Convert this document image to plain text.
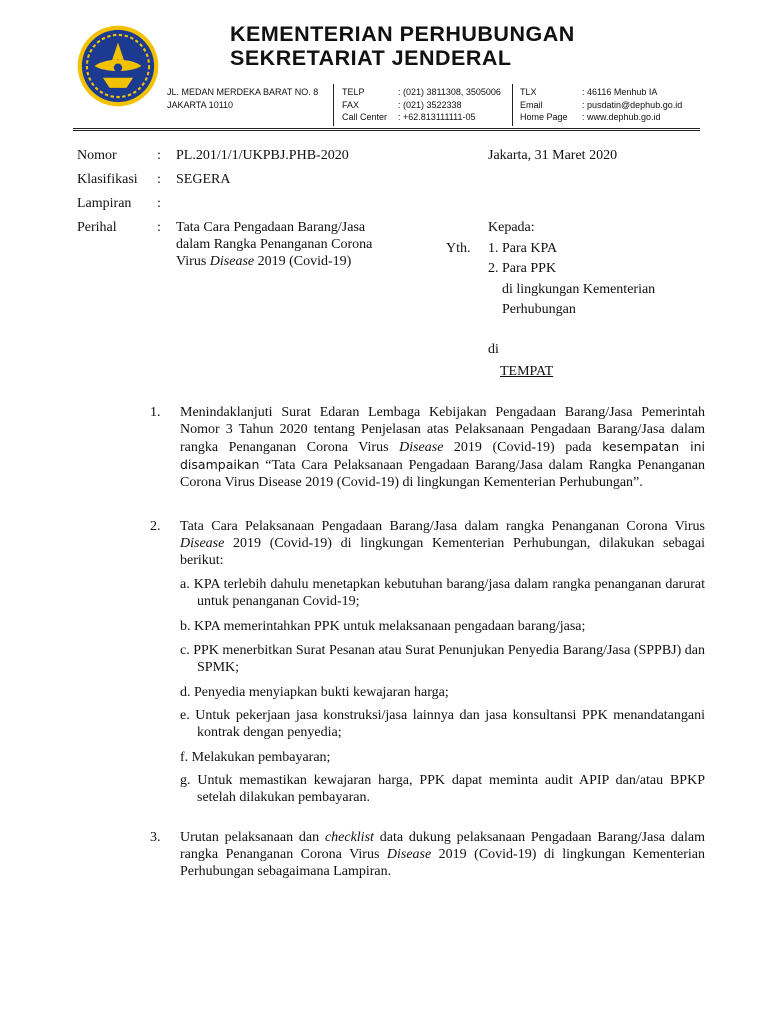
KEMENTERIAN PERHUBUNGAN
SEKRETARIAT JENDERAL
JL. MEDAN MERDEKA BARAT NO. 8
JAKARTA 10110
TELP	: (021) 3811308, 3505006
FAX	: (021) 3522338
Call Center	: +62.813111111-05
TLX	: 46116 Menhub IA
Email	: pusdatin@dephub.go.id
Home Page	: www.dephub.go.id
Nomor	: PL.201/1/1/UKPBJ.PHB-2020
Klasifikasi : SEGERA
Lampiran :
Perihal	: Tata Cara Pengadaan Barang/Jasa
dalam Rangka Penanganan Corona
Virus Disease 2019 (Covid-19)
Jakarta, 31 Maret 2020
Kepada:
Yth. 1. Para KPA
2. Para PPK
di lingkungan Kementerian
Perhubungan
di
TEMPAT
1. Menindaklanjuti Surat Edaran Lembaga Kebijakan Pengadaan Barang/Jasa Pemerintah Nomor 3 Tahun 2020 tentang Penjelasan atas Pelaksanaan Pengadaan Barang/Jasa dalam rangka Penanganan Corona Virus Disease 2019 (Covid-19) pada kesempatan ini disampaikan “Tata Cara Pelaksanaan Pengadaan Barang/Jasa dalam Rangka Penanganan Corona Virus Disease 2019 (Covid-19) di lingkungan Kementerian Perhubungan”.
2. Tata Cara Pelaksanaan Pengadaan Barang/Jasa dalam rangka Penanganan Corona Virus Disease 2019 (Covid-19) di lingkungan Kementerian Perhubungan, dilakukan sebagai berikut:
a. KPA terlebih dahulu menetapkan kebutuhan barang/jasa dalam rangka penanganan darurat untuk penanganan Covid-19;
b. KPA memerintahkan PPK untuk melaksanaan pengadaan barang/jasa;
c. PPK menerbitkan Surat Pesanan atau Surat Penunjukan Penyedia Barang/Jasa (SPPBJ) dan SPMK;
d. Penyedia menyiapkan bukti kewajaran harga;
e. Untuk pekerjaan jasa konstruksi/jasa lainnya dan jasa konsultansi PPK menandatangani kontrak dengan penyedia;
f. Melakukan pembayaran;
g. Untuk memastikan kewajaran harga, PPK dapat meminta audit APIP dan/atau BPKP setelah dilakukan pembayaran.
3. Urutan pelaksanaan dan checklist data dukung pelaksanaan Pengadaan Barang/Jasa dalam rangka Penanganan Corona Virus Disease 2019 (Covid-19) di lingkungan Kementerian Perhubungan sebagaimana Lampiran.
